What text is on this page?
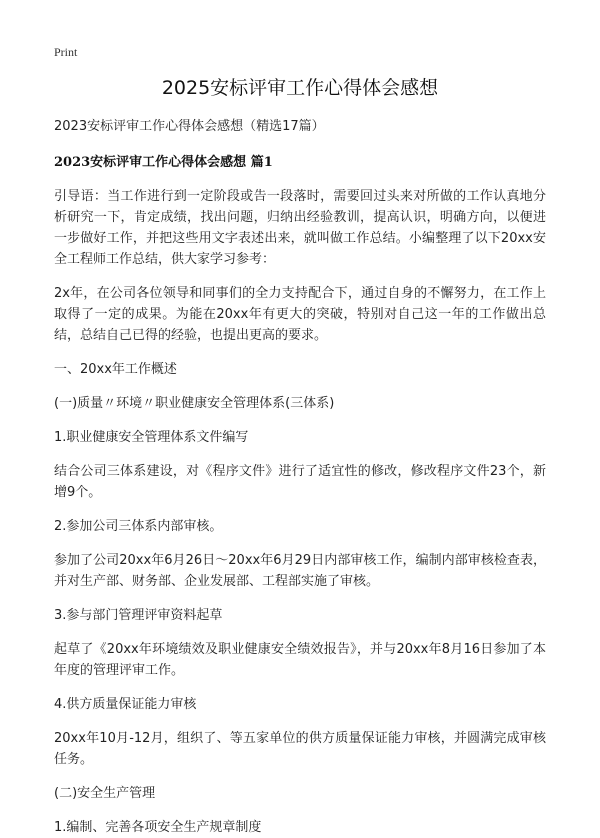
Print
2025安标评审工作心得体会感想
2023安标评审工作心得体会感想（精选17篇）
2023安标评审工作心得体会感想 篇1

引导语：当工作进行到一定阶段或告一段落时，需要回过头来对所做的工作认真地分析研究一下，肯定成绩，找出问题，归纳出经验教训，提高认识，明确方向，以便进一步做好工作，并把这些用文字表述出来，就叫做工作总结。小编整理了以下20xx安全工程师工作总结，供大家学习参考：

2x年，在公司各位领导和同事们的全力支持配合下，通过自身的不懈努力，在工作上取得了一定的成果。为能在20xx年有更大的突破，特别对自己这一年的工作做出总结，总结自己已得的经验，也提出更高的要求。

一、20xx年工作概述

(一)质量〃环境〃职业健康安全管理体系(三体系)

1.职业健康安全管理体系文件编写

结合公司三体系建设，对《程序文件》进行了适宜性的修改，修改程序文件23个，新增9个。

2.参加公司三体系内部审核。

参加了公司20xx年6月26日～20xx年6月29日内部审核工作，编制内部审核检查表，并对生产部、财务部、企业发展部、工程部实施了审核。

3.参与部门管理评审资料起草

起草了《20xx年环境绩效及职业健康安全绩效报告》，并与20xx年8月16日参加了本年度的管理评审工作。

4.供方质量保证能力审核

20xx年10月-12月，组织了、等五家单位的供方质量保证能力审核，并圆满完成审核任务。

(二)安全生产管理

1.编制、完善各项安全生产规章制度
